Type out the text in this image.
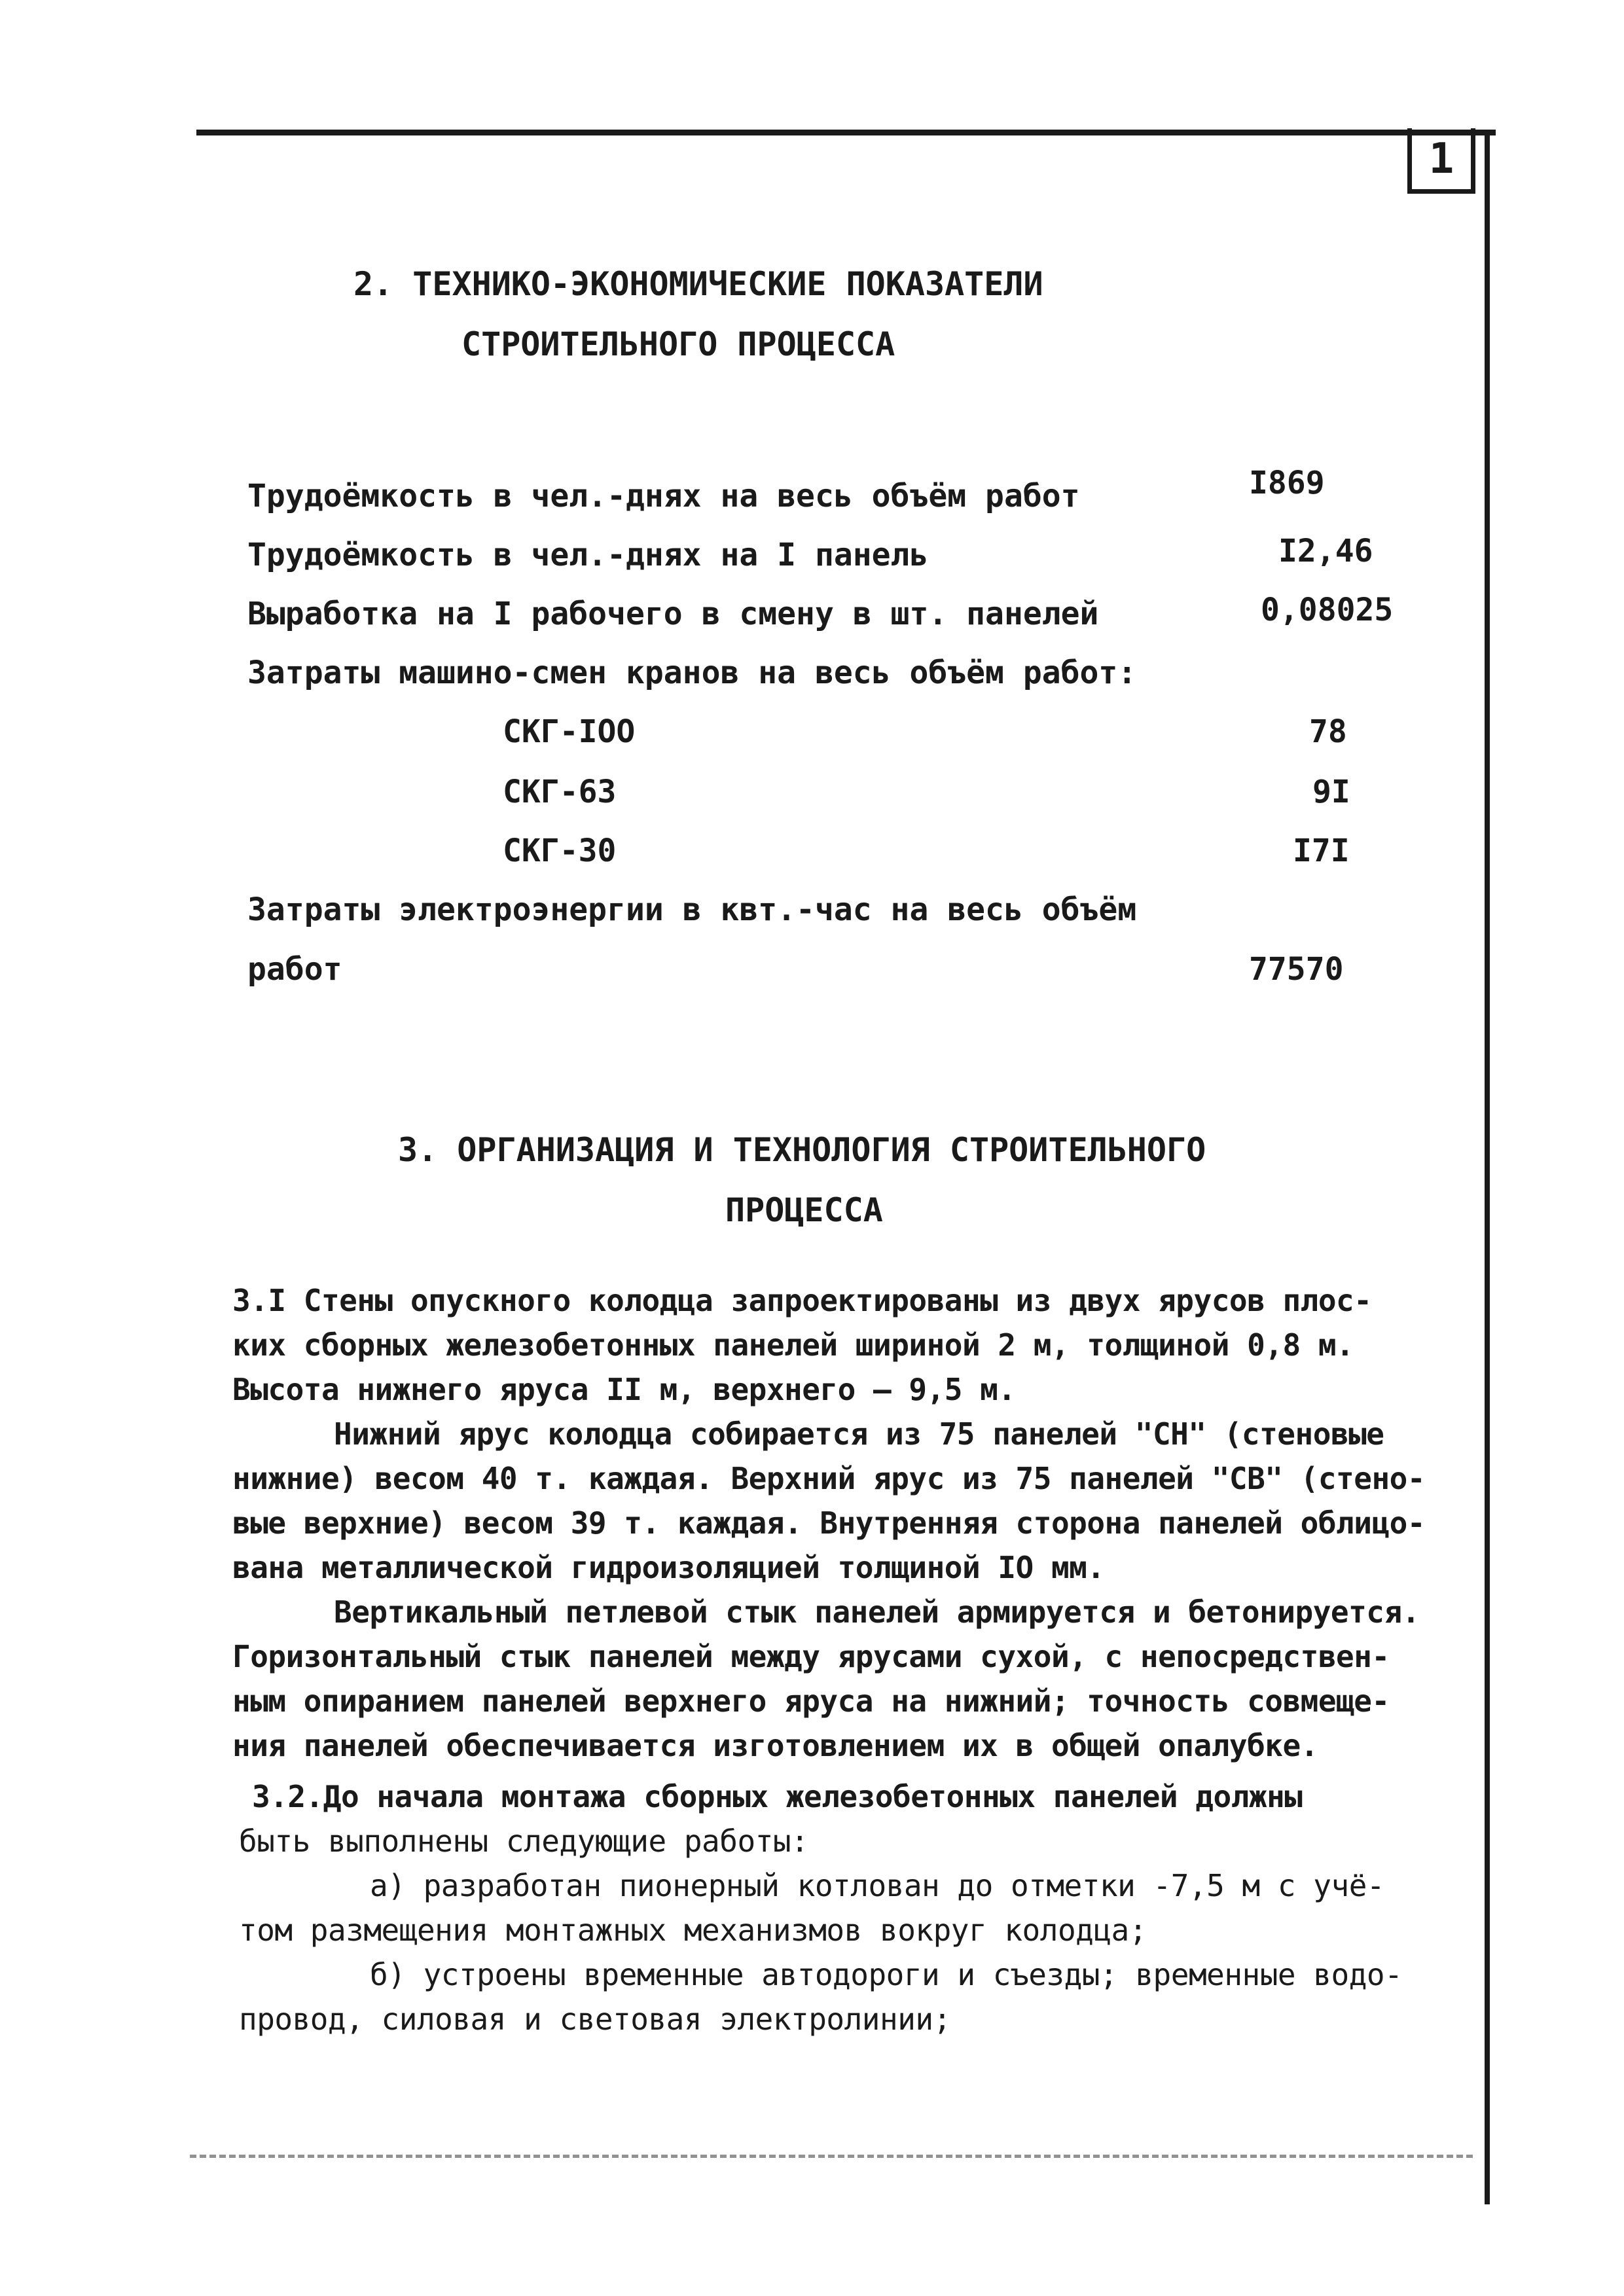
1
2. ТЕХНИКО-ЭКОНОМИЧЕСКИЕ ПОКАЗАТЕЛИ
СТРОИТЕЛЬНОГО ПРОЦЕССА
Трудоёмкость в чел.-днях на весь объём работ	I869
Трудоёмкость в чел.-днях на I панель	I2,46
Выработка на I рабочего в смену в шт. панелей	0,08025
Затраты машино-смен кранов на весь объём работ:
СКГ-IOO	78
СКГ-63	9I
СКГ-30	I7I
Затраты электроэнергии в квт.-час на весь объём
работ	77570
3. ОРГАНИЗАЦИЯ И ТЕХНОЛОГИЯ СТРОИТЕЛЬНОГО
ПРОЦЕССА
3.I Стены опускного колодца запроектированы из двух ярусов плос-
ких сборных железобетонных панелей шириной 2 м, толщиной 0,8 м.
Высота нижнего яруса II м, верхнего – 9,5 м.
Нижний ярус колодца собирается из 75 панелей "СН" (стеновые
нижние) весом 40 т. каждая. Верхний ярус из 75 панелей "СВ" (стено-
вые верхние) весом 39 т. каждая. Внутренняя сторона панелей облицо-
вана металлической гидроизоляцией толщиной IO мм.
Вертикальный петлевой стык панелей армируется и бетонируется.
Горизонтальный стык панелей между ярусами сухой, с непосредствен-
ным опиранием панелей верхнего яруса на нижний; точность совмеще-
ния панелей обеспечивается изготовлением их в общей опалубке.
3.2.До начала монтажа сборных железобетонных панелей должны
быть выполнены следующие работы:
а) разработан пионерный котлован до отметки -7,5 м с учё-
том размещения монтажных механизмов вокруг колодца;
б) устроены временные автодороги и съезды; временные водо-
провод, силовая и световая электролинии;
